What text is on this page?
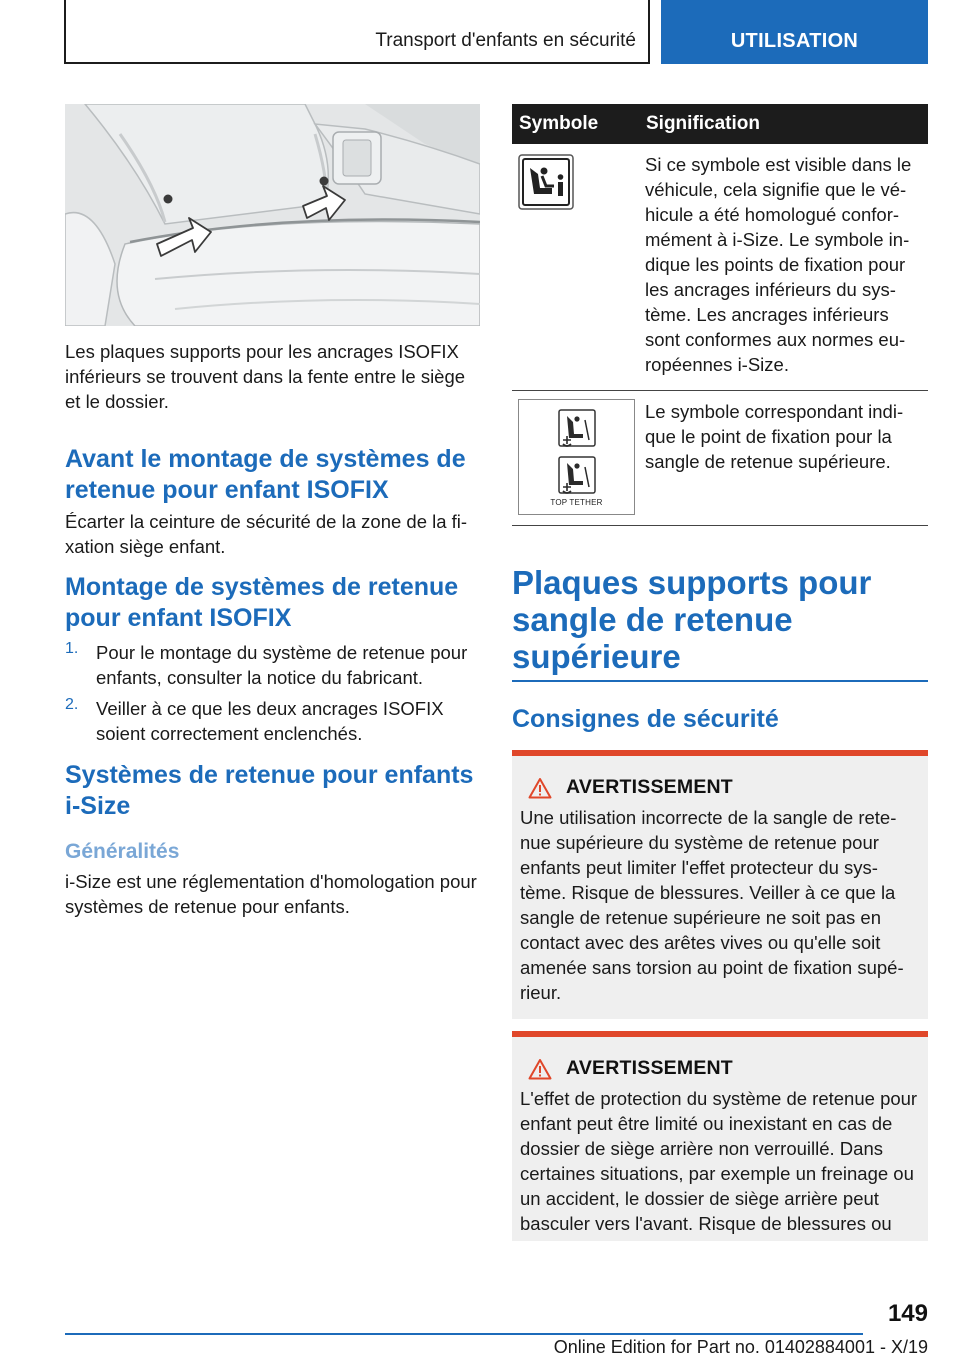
Transport d'enfants en sécurité	UTILISATION

Les plaques supports pour les ancrages ISOFIX inférieurs se trouvent dans la fente entre le siège et le dossier.

Avant le montage de systèmes de retenue pour enfant ISOFIX

Écarter la ceinture de sécurité de la zone de la fi-xation siège enfant.

Montage de systèmes de retenue pour enfant ISOFIX
1. Pour le montage du système de retenue pour enfants, consulter la notice du fabricant.
2. Veiller à ce que les deux ancrages ISOFIX soient correctement enclenchés.
Systèmes de retenue pour enfants i-Size
Généralités

i-Size est une réglementation d'homologation pour systèmes de retenue pour enfants.

Symbole	Signification

	Si ce symbole est visible dans le véhicule, cela signifie que le vé-hicule a été homologué confor-mément à i-Size. Le symbole in-dique les points de fixation pour les ancrages inférieurs du sys-tème. Les ancrages inférieurs sont conformes aux normes eu-ropéennes i-Size.

TOP TETHER	Le symbole correspondant indi-que le point de fixation pour la sangle de retenue supérieure.
Plaques supports pour sangle de retenue supérieure
Consignes de sécurité
AVERTISSEMENT

Une utilisation incorrecte de la sangle de rete-nue supérieure du système de retenue pour enfants peut limiter l'effet protecteur du sys-tème. Risque de blessures. Veiller à ce que la sangle de retenue supérieure ne soit pas en contact avec des arêtes vives ou qu'elle soit amenée sans torsion au point de fixation supé-rieur.

AVERTISSEMENT

L'effet de protection du système de retenue pour enfant peut être limité ou inexistant en cas de dossier de siège arrière non verrouillé. Dans certaines situations, par exemple un freinage ou un accident, le dossier de siège arrière peut basculer vers l'avant. Risque de blessures ou

149
Online Edition for Part no. 01402884001 - X/19
